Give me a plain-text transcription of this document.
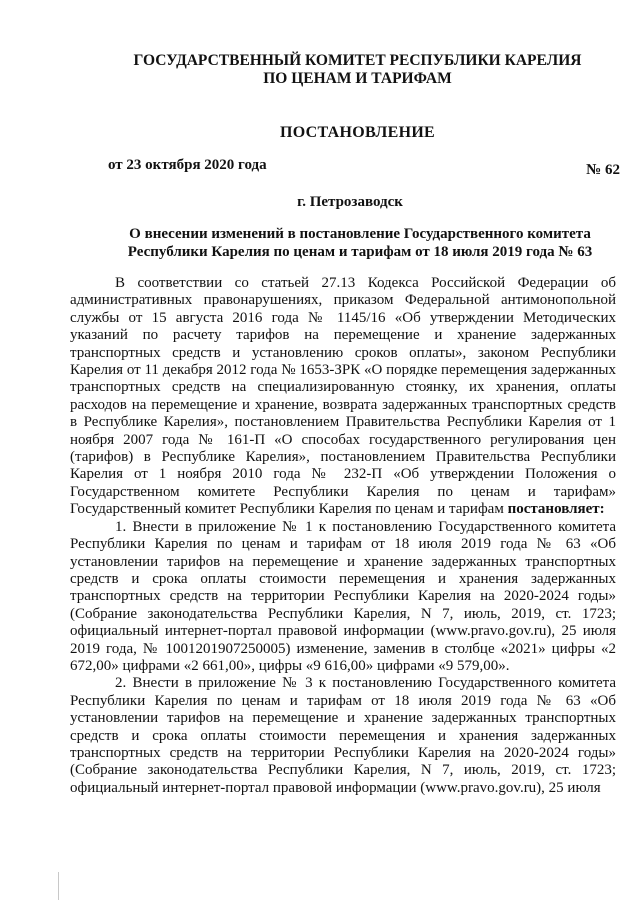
ГОСУДАРСТВЕННЫЙ КОМИТЕТ РЕСПУБЛИКИ КАРЕЛИЯ
ПО ЦЕНАМ И ТАРИФАМ
ПОСТАНОВЛЕНИЕ
от 23 октября 2020 года	№ 62
г. Петрозаводск
О внесении изменений в постановление Государственного комитета
Республики Карелия по ценам и тарифам от 18 июля 2019 года № 63

В соответствии со статьей 27.13 Кодекса Российской Федерации об административных правонарушениях, приказом Федеральной антимонопольной службы от 15 августа 2016 года № 1145/16 «Об утверждении Методических указаний по расчету тарифов на перемещение и хранение задержанных транспортных средств и установлению сроков оплаты», законом Республики Карелия от 11 декабря 2012 года № 1653-ЗРК «О порядке перемещения задержанных транспортных средств на специализированную стоянку, их хранения, оплаты расходов на перемещение и хранение, возврата задержанных транспортных средств в Республике Карелия», постановлением Правительства Республики Карелия от 1 ноября 2007 года № 161-П «О способах государственного регулирования цен (тарифов) в Республике Карелия», постановлением Правительства Республики Карелия от 1 ноября 2010 года № 232-П «Об утверждении Положения о Государственном комитете Республики Карелия по ценам и тарифам» Государственный комитет Республики Карелия по ценам и тарифам постановляет:

1. Внести в приложение № 1 к постановлению Государственного комитета Республики Карелия по ценам и тарифам от 18 июля 2019 года № 63 «Об установлении тарифов на перемещение и хранение задержанных транспортных средств и срока оплаты стоимости перемещения и хранения задержанных транспортных средств на территории Республики Карелия на 2020-2024 годы» (Собрание законодательства Республики Карелия, N 7, июль, 2019, ст. 1723; официальный интернет-портал правовой информации (www.pravo.gov.ru), 25 июля 2019 года, № 1001201907250005) изменение, заменив в столбце «2021» цифры «2 672,00» цифрами «2 661,00», цифры «9 616,00» цифрами «9 579,00».

2. Внести в приложение № 3 к постановлению Государственного комитета Республики Карелия по ценам и тарифам от 18 июля 2019 года № 63 «Об установлении тарифов на перемещение и хранение задержанных транспортных средств и срока оплаты стоимости перемещения и хранения задержанных транспортных средств на территории Республики Карелия на 2020-2024 годы» (Собрание законодательства Республики Карелия, N 7, июль, 2019, ст. 1723; официальный интернет-портал правовой информации (www.pravo.gov.ru), 25 июля
